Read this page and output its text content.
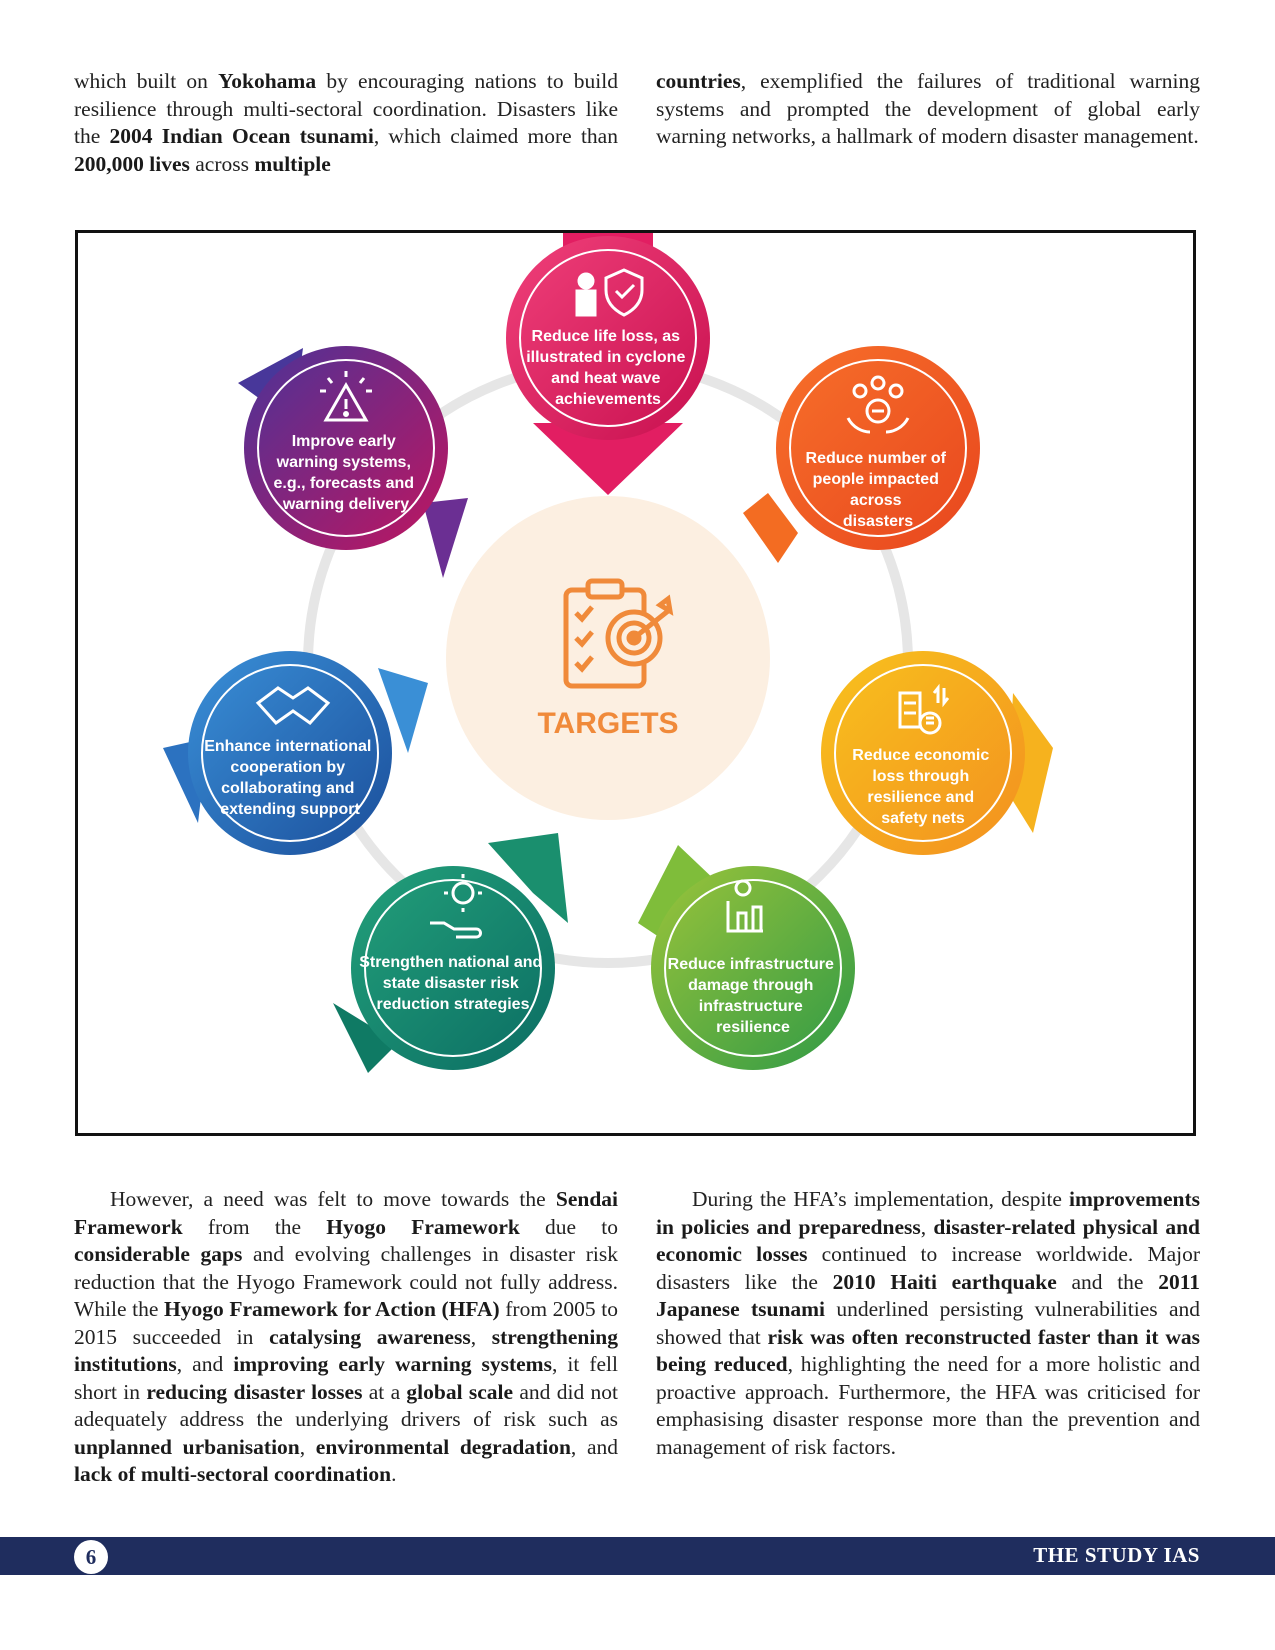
which built on Yokohama by encouraging nations to build resilience through multi-sectoral coordination. Disasters like the 2004 Indian Ocean tsunami, which claimed more than 200,000 lives across multiple

countries, exemplified the failures of traditional warning systems and prompted the development of global early warning networks, a hallmark of modern disaster management.

TARGETS
Reduce life loss, as illustrated in cyclone and heat wave achievements
Reduce number of people impacted across disasters
Reduce economic loss through resilience and safety nets
Reduce infrastructure damage through infrastructure resilience
Strengthen national and state disaster risk reduction strategies
Enhance international cooperation by collaborating and extending support
Improve early warning systems, e.g., forecasts and warning delivery

However, a need was felt to move towards the Sendai Framework from the Hyogo Framework due to considerable gaps and evolving challenges in disaster risk reduction that the Hyogo Framework could not fully address. While the Hyogo Framework for Action (HFA) from 2005 to 2015 succeeded in catalysing awareness, strengthening institutions, and improving early warning systems, it fell short in reducing disaster losses at a global scale and did not adequately address the underlying drivers of risk such as unplanned urbanisation, environmental degradation, and lack of multi-sectoral coordination.

During the HFA’s implementation, despite improvements in policies and preparedness, disaster-related physical and economic losses continued to increase worldwide. Major disasters like the 2010 Haiti earthquake and the 2011 Japanese tsunami underlined persisting vulnerabilities and showed that risk was often reconstructed faster than it was being reduced, highlighting the need for a more holistic and proactive approach. Furthermore, the HFA was criticised for emphasising disaster response more than the prevention and management of risk factors.

6	THE STUDY IAS
